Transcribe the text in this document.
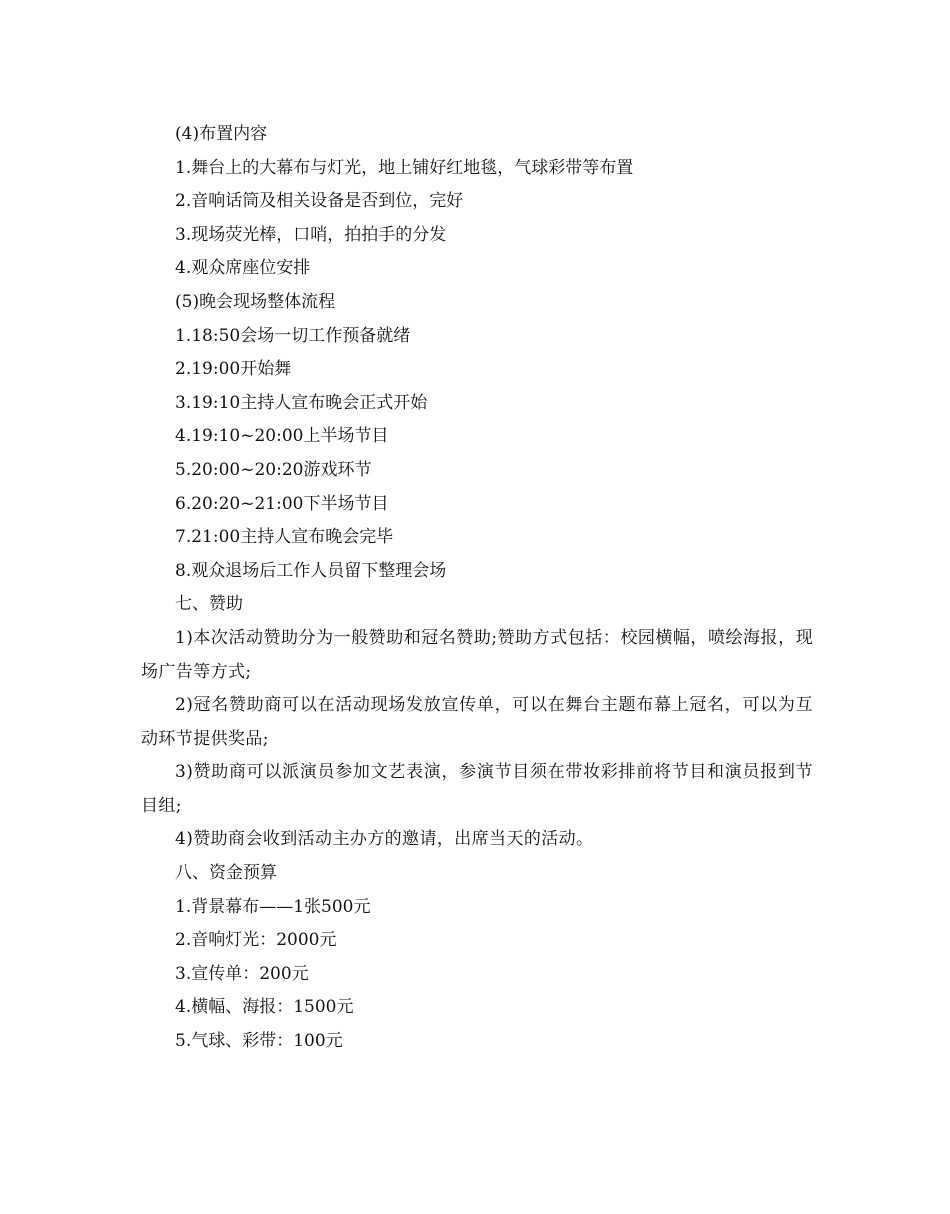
(4)布置内容
1.舞台上的大幕布与灯光，地上铺好红地毯，气球彩带等布置
2.音响话筒及相关设备是否到位，完好
3.现场荧光棒，口哨，拍拍手的分发
4.观众席座位安排
(5)晚会现场整体流程
1.18:50会场一切工作预备就绪
2.19:00开始舞
3.19:10主持人宣布晚会正式开始
4.19:10~20:00上半场节目
5.20:00~20:20游戏环节
6.20:20~21:00下半场节目
7.21:00主持人宣布晚会完毕
8.观众退场后工作人员留下整理会场
七、赞助
1)本次活动赞助分为一般赞助和冠名赞助;赞助方式包括：校园横幅，喷绘海报，现场广告等方式;
2)冠名赞助商可以在活动现场发放宣传单，可以在舞台主题布幕上冠名，可以为互动环节提供奖品;
3)赞助商可以派演员参加文艺表演，参演节目须在带妆彩排前将节目和演员报到节目组;
4)赞助商会收到活动主办方的邀请，出席当天的活动。
八、资金预算
1.背景幕布——1张500元
2.音响灯光：2000元
3.宣传单：200元
4.横幅、海报：1500元
5.气球、彩带：100元
